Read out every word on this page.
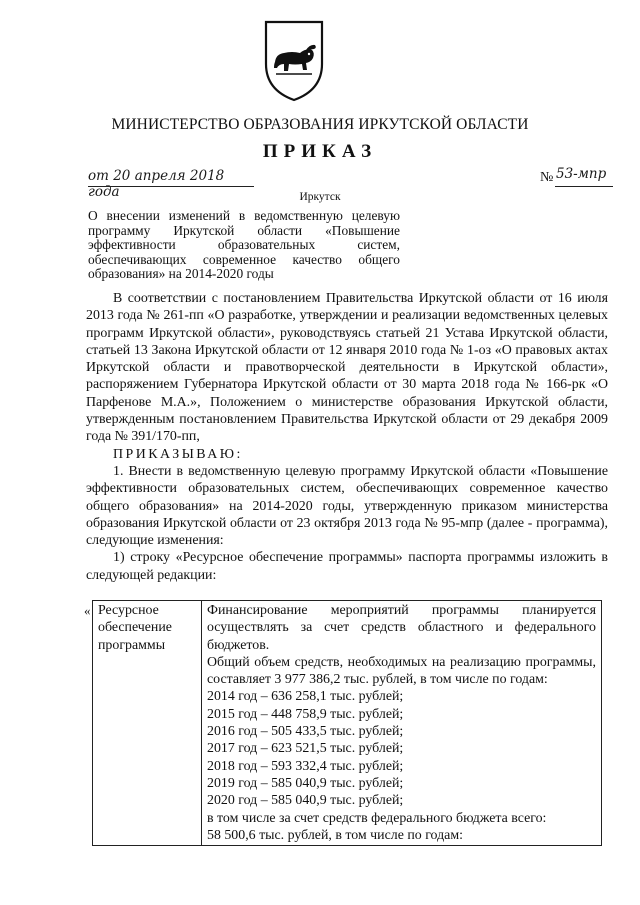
МИНИСТЕРСТВО ОБРАЗОВАНИЯ ИРКУТСКОЙ ОБЛАСТИ
ПРИКАЗ
от 20 апреля 2018 года
№ 53-мпр
Иркутск
О внесении изменений в ведомственную целевую программу Иркутской области «Повышение эффективности образовательных систем, обеспечивающих современное качество общего образования» на 2014-2020 годы

В соответствии с постановлением Правительства Иркутской области от 16 июля 2013 года № 261-пп «О разработке, утверждении и реализации ведомственных целевых программ Иркутской области», руководствуясь статьей 21 Устава Иркутской области, статьей 13 Закона Иркутской области от 12 января 2010 года № 1-оз «О правовых актах Иркутской области и правотворческой деятельности в Иркутской области», распоряжением Губернатора Иркутской области от 30 марта 2018 года № 166-рк «О Парфенове М.А.», Положением о министерстве образования Иркутской области, утвержденным постановлением Правительства Иркутской области от 29 декабря 2009 года № 391/170-пп,

ПРИКАЗЫВАЮ:

1. Внести в ведомственную целевую программу Иркутской области «Повышение эффективности образовательных систем, обеспечивающих современное качество общего образования» на 2014-2020 годы, утвержденную приказом министерства образования Иркутской области от 23 октября 2013 года № 95-мпр (далее - программа), следующие изменения:

1) строку «Ресурсное обеспечение программы» паспорта программы изложить в следующей редакции:

« Ресурсное обеспечение программы	
Финансирование мероприятий программы планируется осуществлять за счет средств областного и федерального бюджетов.
Общий объем средств, необходимых на реализацию программы, составляет 3 977 386,2 тыс. рублей, в том числе по годам:
2014 год – 636 258,1 тыс. рублей;
2015 год – 448 758,9 тыс. рублей;
2016 год – 505 433,5 тыс. рублей;
2017 год – 623 521,5 тыс. рублей;
2018 год – 593 332,4 тыс. рублей;
2019 год – 585 040,9 тыс. рублей;
2020 год – 585 040,9 тыс. рублей;
в том числе за счет средств федерального бюджета всего:
58 500,6 тыс. рублей, в том числе по годам:
